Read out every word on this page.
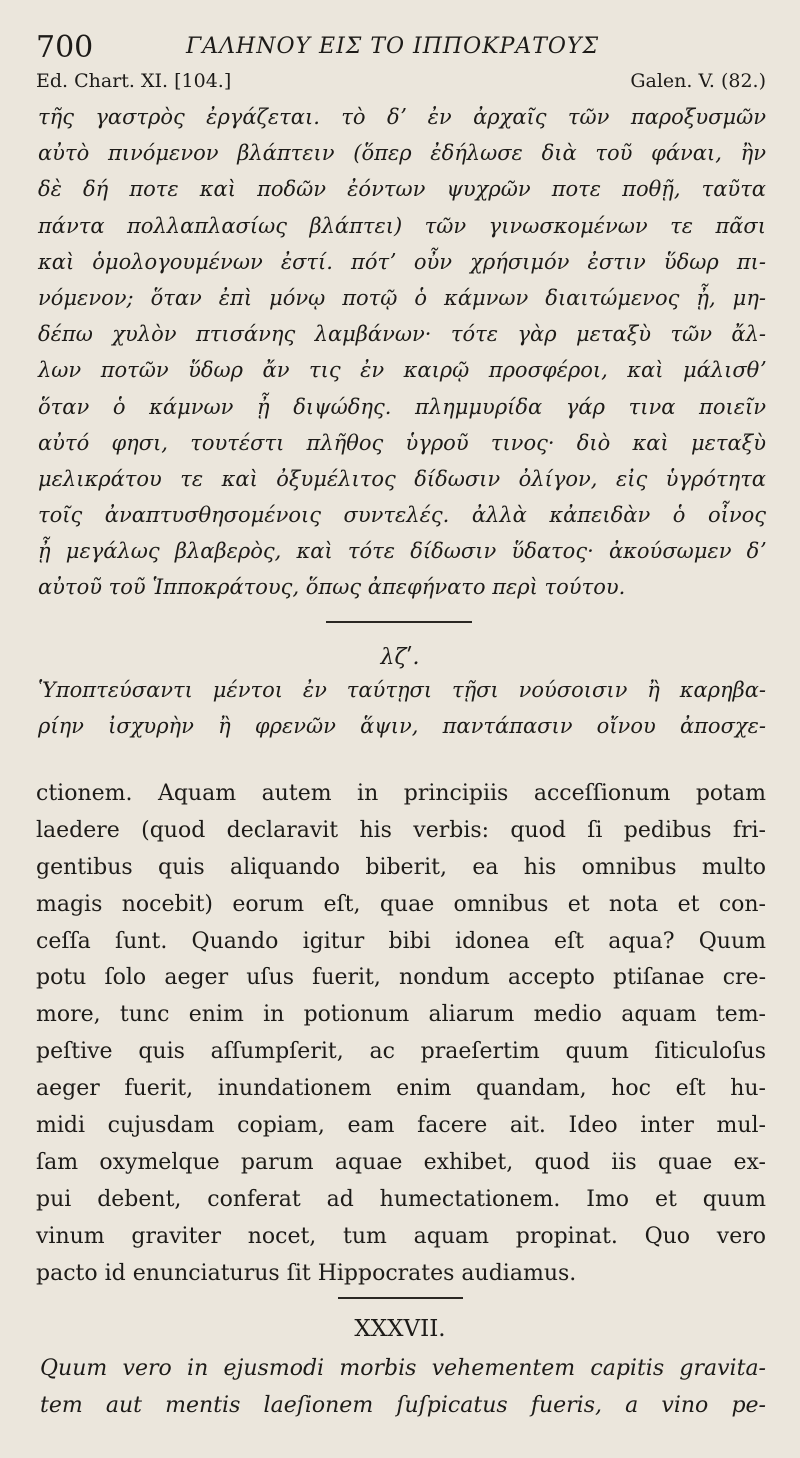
700	ΓΑΛΗΝΟΥ ΕΙΣ ΤΟ ΙΠΠΟΚΡΑΤΟΥΣ
Ed. Chart. XI. [104.]	Galen. V. (82.)
τῆς γαστρὸς ἐργάζεται. τὸ δʼ ἐν ἀρχαῖς τῶν παροξυσμῶν
αὐτὸ πινόμενον βλάπτειν (ὅπερ ἐδήλωσε διὰ τοῦ φάναι, ἢν
δὲ δή ποτε καὶ ποδῶν ἐόντων ψυχρῶν ποτε ποθῇ, ταῦτα
πάντα πολλαπλασίως βλάπτει) τῶν γινωσκομένων τε πᾶσι
καὶ ὁμολογουμένων ἐστί. πότʼ οὖν χρήσιμόν ἐστιν ὕδωρ πι-
νόμενον; ὅταν ἐπὶ μόνῳ ποτῷ ὁ κάμνων διαιτώμενος ᾖ, μη-
δέπω χυλὸν πτισάνης λαμβάνων· τότε γὰρ μεταξὺ τῶν ἄλ-
λων ποτῶν ὕδωρ ἄν τις ἐν καιρῷ προσφέροι, καὶ μάλισθʼ
ὅταν ὁ κάμνων ᾖ διψώδης. πλημμυρίδα γάρ τινα ποιεῖν
αὐτό φησι, τουτέστι πλῆθος ὑγροῦ τινος· διὸ καὶ μεταξὺ
μελικράτου τε καὶ ὀξυμέλιτος δίδωσιν ὀλίγον, εἰς ὑγρότητα
τοῖς ἀναπτυσθησομένοις συντελές. ἀλλὰ κἀπειδὰν ὁ οἶνος
ᾖ μεγάλως βλαβερὸς, καὶ τότε δίδωσιν ὕδατος· ἀκούσωμεν δʼ
αὐτοῦ τοῦ Ἱπποκράτους, ὅπως ἀπεφήνατο περὶ τούτου.
λζʹ.
Ὑποπτεύσαντι μέντοι ἐν ταύτῃσι τῇσι νούσοισιν ἢ καρηβα-
ρίην ἰσχυρὴν ἢ φρενῶν ἅψιν, παντάπασιν οἴνου ἀποσχε-
ctionem. Aquam autem in principiis acceſſionum potam
laedere (quod declaravit his verbis: quod ſi pedibus fri-
gentibus quis aliquando biberit, ea his omnibus multo
magis nocebit) eorum eſt, quae omnibus et nota et con-
ceſſa ſunt. Quando igitur bibi idonea eſt aqua? Quum
potu ſolo aeger uſus fuerit, nondum accepto ptiſanae cre-
more, tunc enim in potionum aliarum medio aquam tem-
peſtive quis aſſumpſerit, ac praeſertim quum ſiticuloſus
aeger fuerit, inundationem enim quandam, hoc eſt hu-
midi cujusdam copiam, eam facere ait. Ideo inter mul-
ſam oxymelque parum aquae exhibet, quod iis quae ex-
pui debent, conferat ad humectationem. Imo et quum
vinum graviter nocet, tum aquam propinat. Quo vero
pacto id enunciaturus ſit Hippocrates audiamus.
XXXVII.
Quum vero in ejusmodi morbis vehementem capitis gravita-
tem aut mentis laeſionem ſuſpicatus fueris, a vino pe-
